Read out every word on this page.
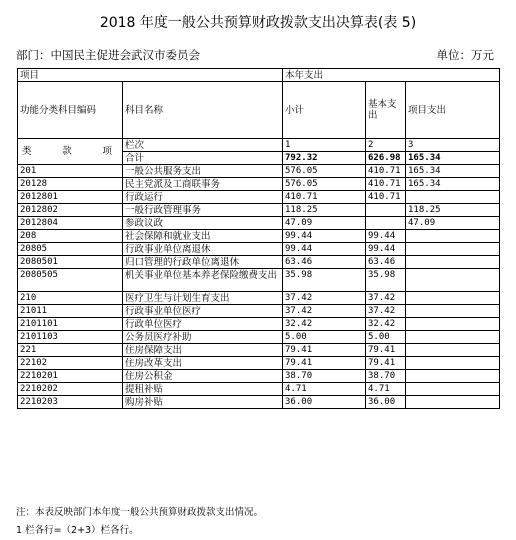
2018 年度一般公共预算财政拨款支出决算表(表 5)
部门：中国民主促进会武汉市委员会	单位：万元
项目		本年支出		
功能分类科目编码	科目名称	小计	基本支出	项目支出

类 款 项	栏次	1	2	3
	合计	792.32	626.98	165.34
201	一般公共服务支出	576.05	410.71	165.34
20128	民主党派及工商联事务	576.05	410.71	165.34
2012801	行政运行	410.71	410.71	
2012802	一般行政管理事务	118.25		118.25
2012804	参政议政	47.09		47.09
208	社会保障和就业支出	99.44	99.44	
20805	行政事业单位离退休	99.44	99.44	
2080501	归口管理的行政单位离退休	63.46	63.46	
2080505	机关事业单位基本养老保险缴费支出	35.98	35.98	
210	医疗卫生与计划生育支出	37.42	37.42	
21011	行政事业单位医疗	37.42	37.42	
2101101	行政单位医疗	32.42	32.42	
2101103	公务员医疗补助	5.00	5.00	
221	住房保障支出	79.41	79.41	
22102	住房改革支出	79.41	79.41	
2210201	住房公积金	38.70	38.70	
2210202	提租补贴	4.71	4.71	
2210203	购房补贴	36.00	36.00	
注：本表反映部门本年度一般公共预算财政拨款支出情况。
1 栏各行=（2+3）栏各行。
